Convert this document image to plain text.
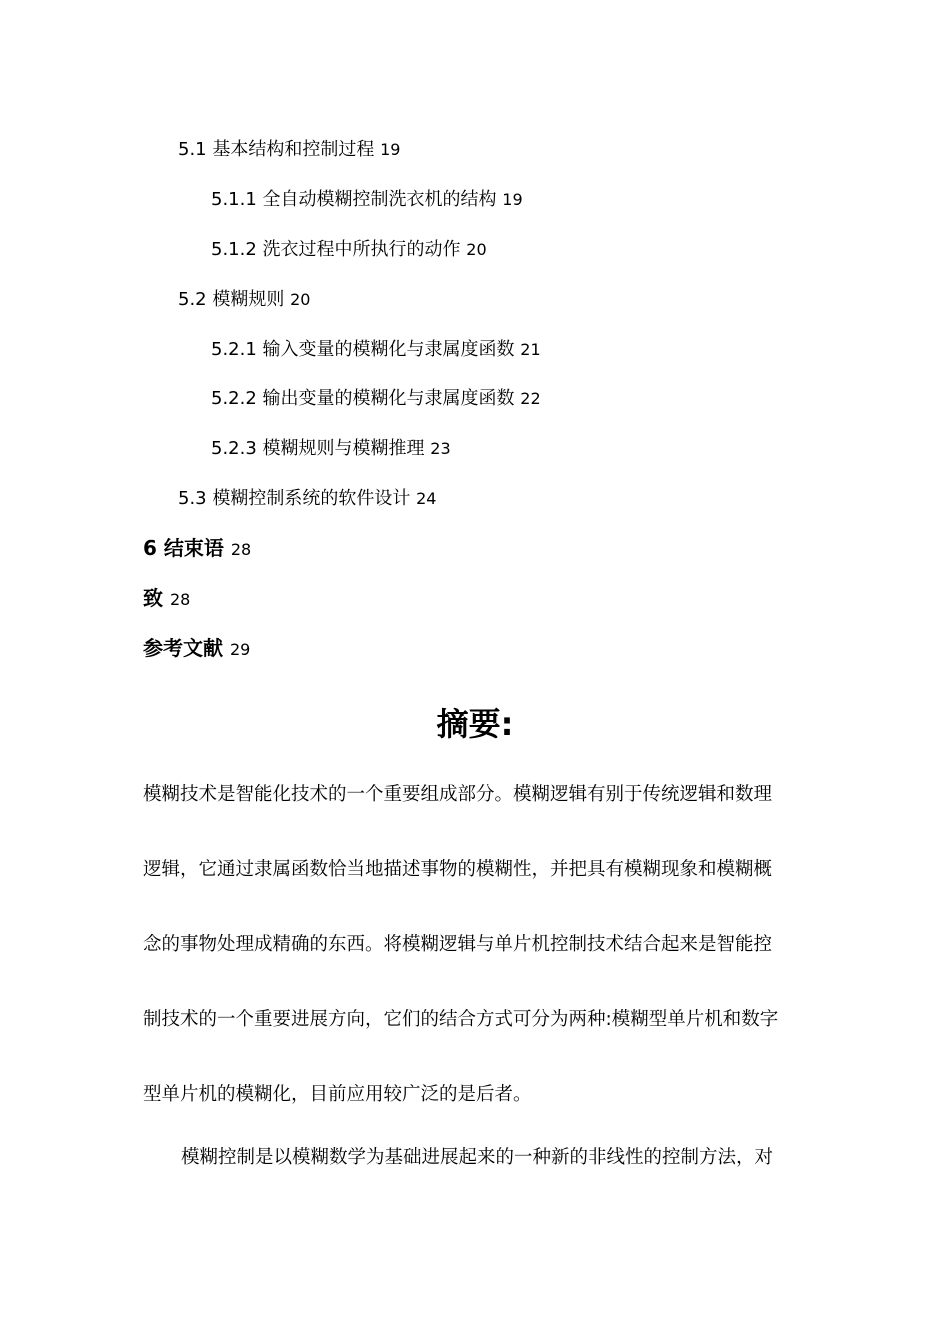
5.1 基本结构和控制过程 19
5.1.1 全自动模糊控制洗衣机的结构 19
5.1.2 洗衣过程中所执行的动作 20
5.2 模糊规则 20
5.2.1 输入变量的模糊化与隶属度函数 21
5.2.2 输出变量的模糊化与隶属度函数 22
5.2.3 模糊规则与模糊推理 23
5.3 模糊控制系统的软件设计 24
6 结束语 28
致 28
参考文献 29
摘要:
模糊技术是智能化技术的一个重要组成部分。模糊逻辑有别于传统逻辑和数理
逻辑，它通过隶属函数恰当地描述事物的模糊性，并把具有模糊现象和模糊概
念的事物处理成精确的东西。将模糊逻辑与单片机控制技术结合起来是智能控
制技术的一个重要进展方向，它们的结合方式可分为两种:模糊型单片机和数字
型单片机的模糊化，目前应用较广泛的是后者。
模糊控制是以模糊数学为基础进展起来的一种新的非线性的控制方法，对
